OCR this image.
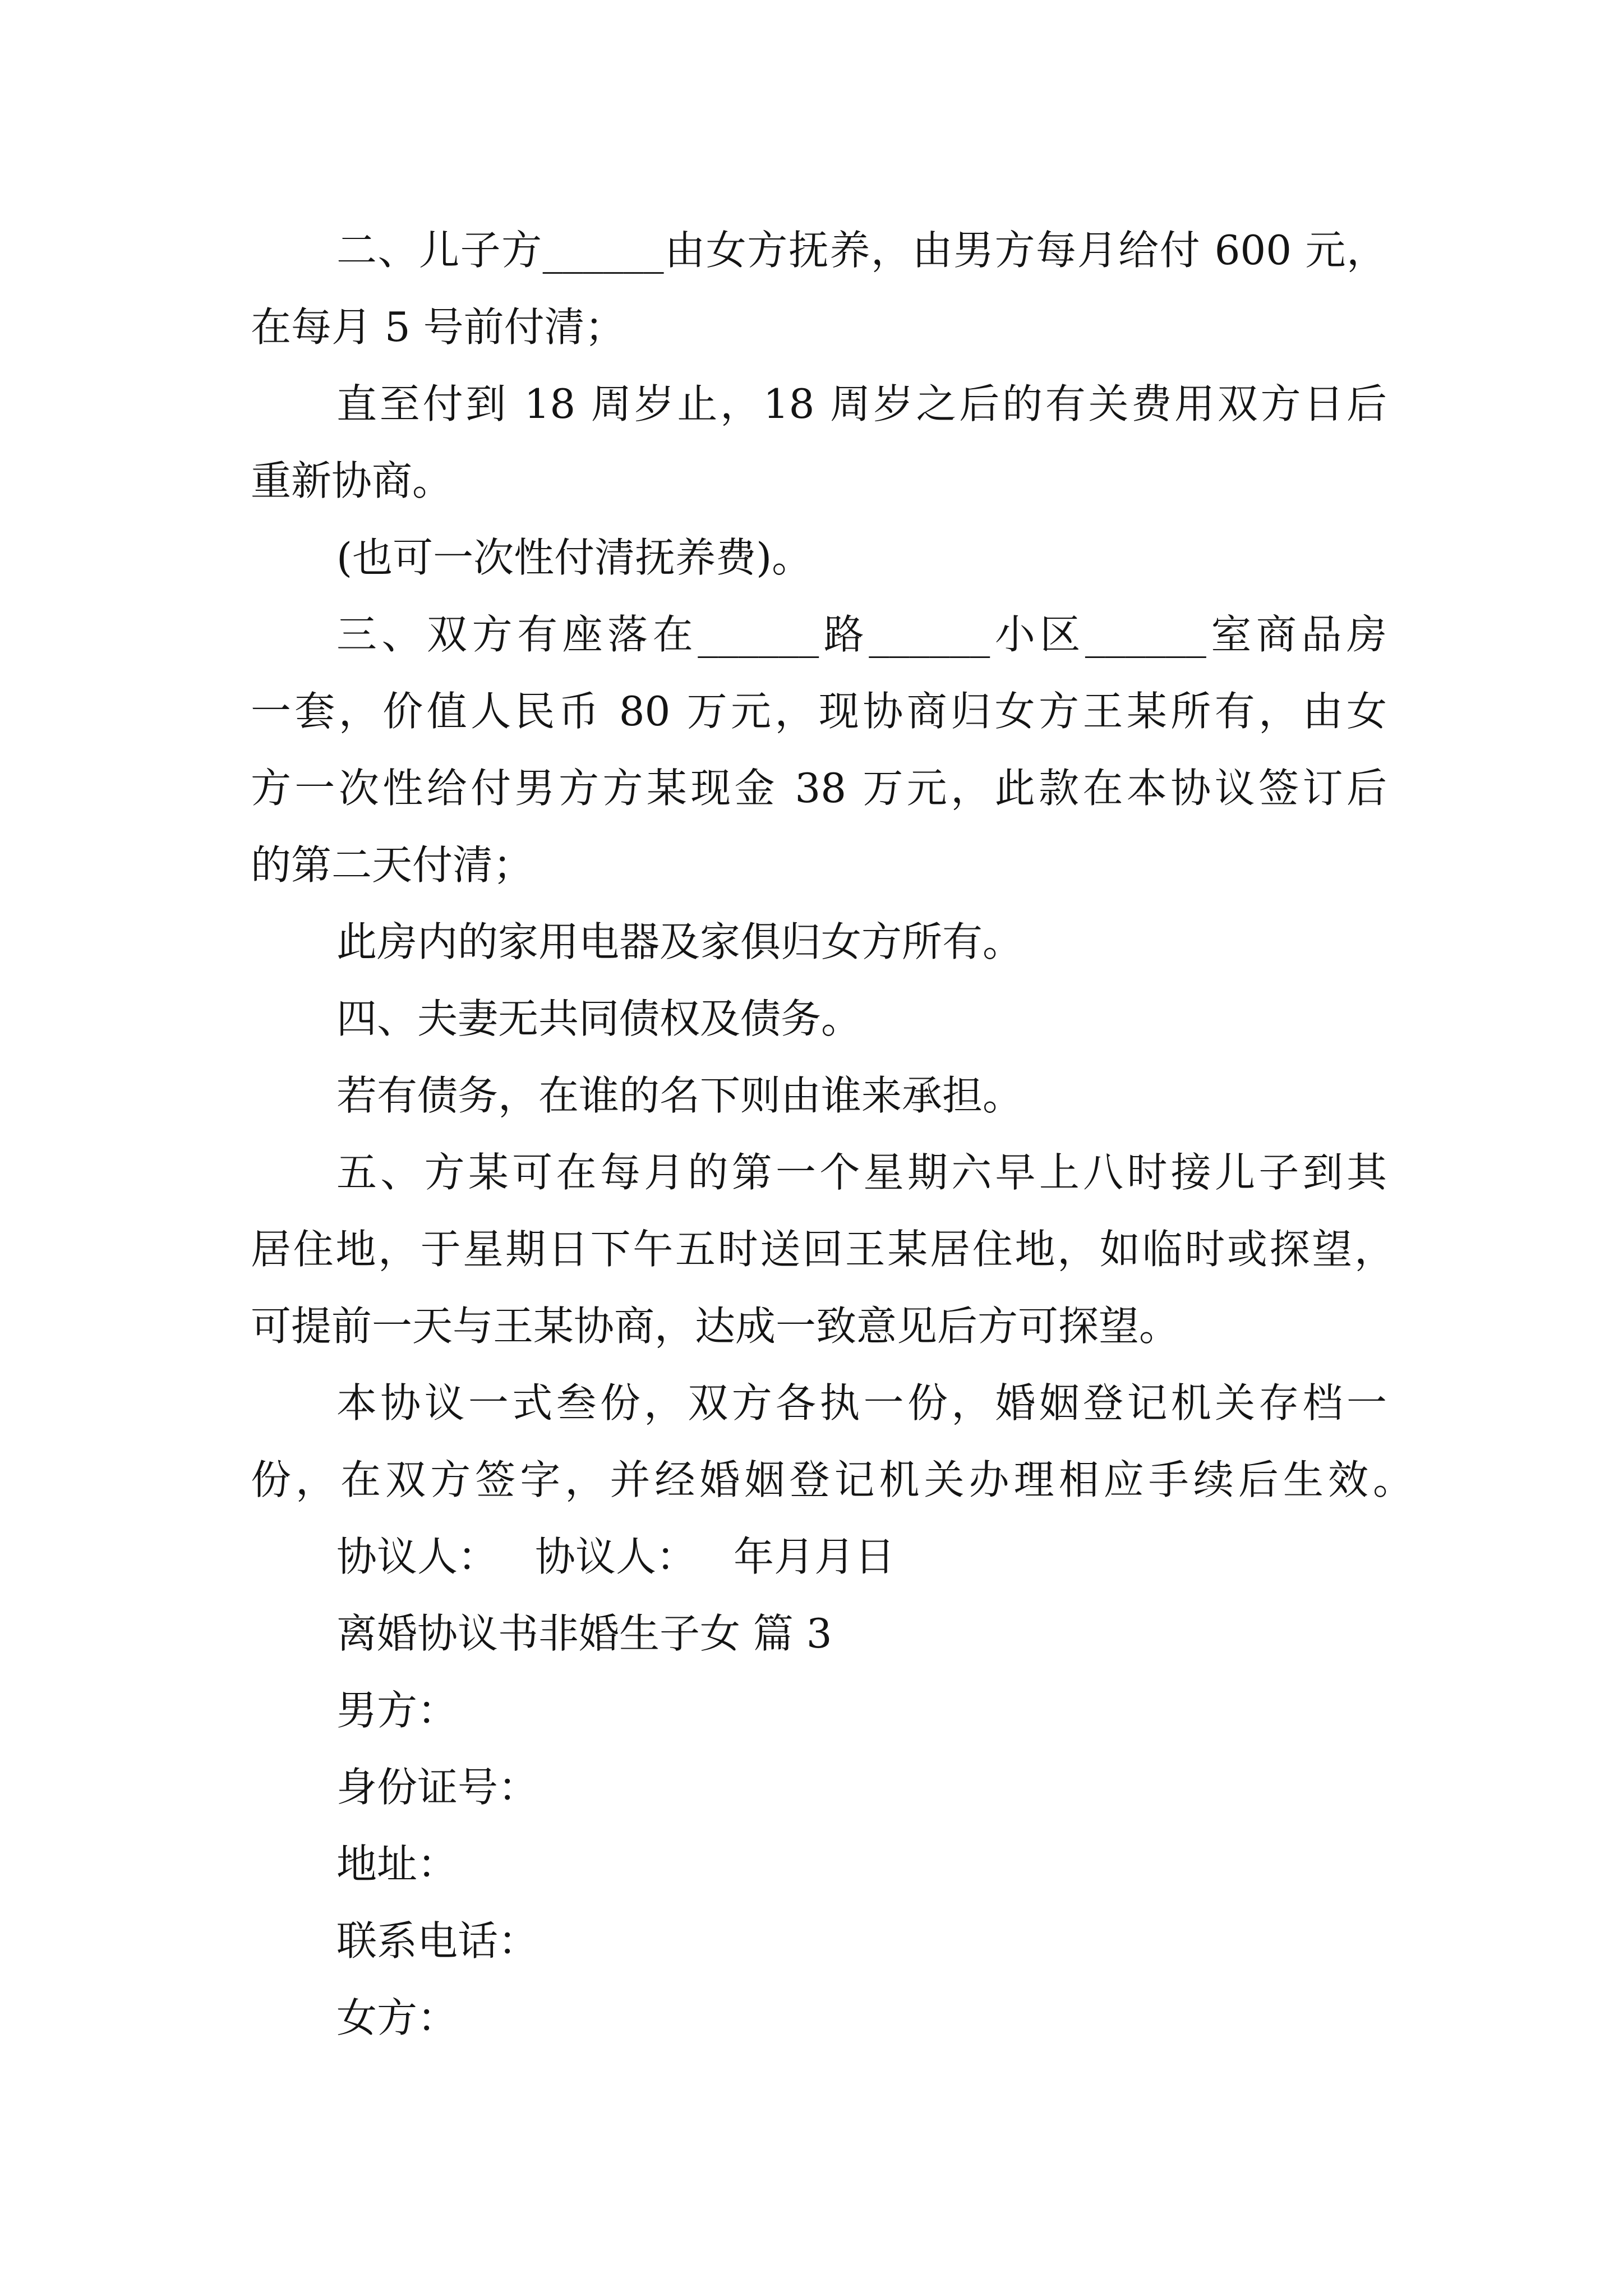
二、儿子方______由女方抚养，由男方每月给付 600 元，
在每月 5 号前付清；
直至付到 18 周岁止，18 周岁之后的有关费用双方日后
重新协商。
(也可一次性付清抚养费)。
三、双方有座落在______路______小区______室商品房
一套，价值人民币 80 万元，现协商归女方王某所有，由女
方一次性给付男方方某现金 38 万元，此款在本协议签订后
的第二天付清；
此房内的家用电器及家俱归女方所有。
四、夫妻无共同债权及债务。
若有债务，在谁的名下则由谁来承担。
五、方某可在每月的第一个星期六早上八时接儿子到其
居住地，于星期日下午五时送回王某居住地，如临时或探望，
可提前一天与王某协商，达成一致意见后方可探望。
本协议一式叁份，双方各执一份，婚姻登记机关存档一
份，在双方签字，并经婚姻登记机关办理相应手续后生效。
协议人： 协议人： 年月月日
离婚协议书非婚生子女 篇 3
男方：
身份证号：
地址：
联系电话：
女方：
